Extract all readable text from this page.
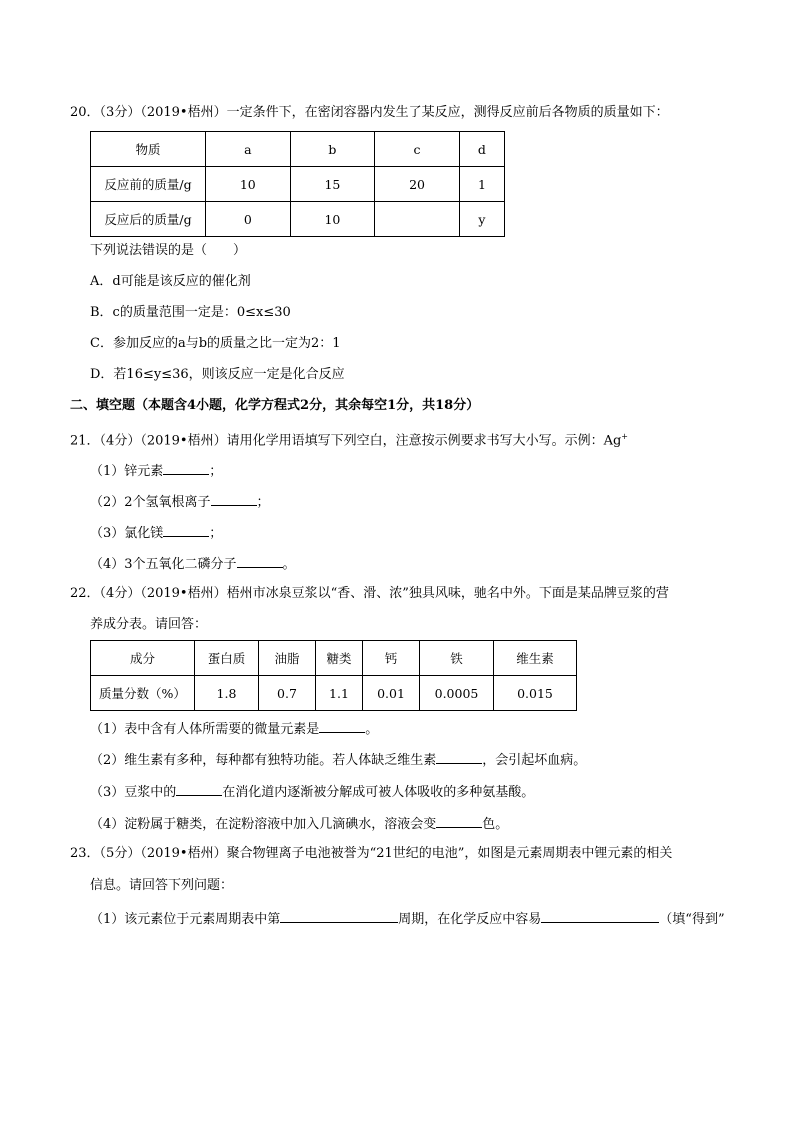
20．（3分）（2019•梧州）一定条件下，在密闭容器内发生了某反应，测得反应前后各物质的质量如下：
物质	a	b	c	d
反应前的质量/g	10	15	20	1
反应后的质量/g	0	10		y
下列说法错误的是（　　）
A．d可能是该反应的催化剂
B．c的质量范围一定是：0≤x≤30
C．参加反应的a与b的质量之比一定为2：1
D．若16≤y≤36，则该反应一定是化合反应
二、填空题（本题含4小题，化学方程式2分，其余每空1分，共18分）
21．（4分）（2019•梧州）请用化学用语填写下列空白，注意按示例要求书写大小写。示例：Ag+
（1）锌元素	；
（2）2个氢氧根离子	；
（3）氯化镁	；
（4）3个五氧化二磷分子	。
22．（4分）（2019•梧州）梧州市冰泉豆浆以“香、滑、浓”独具风味，驰名中外。下面是某品牌豆浆的营
养成分表。请回答：
成分	蛋白质	油脂	糖类	钙	铁	维生素
质量分数（%）	1.8	0.7	1.1	0.01	0.0005	0.015
（1）表中含有人体所需要的微量元素是	。
（2）维生素有多种，每种都有独特功能。若人体缺乏维生素	，会引起坏血病。
（3）豆浆中的	在消化道内逐渐被分解成可被人体吸收的多种氨基酸。
（4）淀粉属于糖类，在淀粉溶液中加入几滴碘水，溶液会变	色。
23．（5分）（2019•梧州）聚合物锂离子电池被誉为“21世纪的电池”，如图是元素周期表中锂元素的相关
信息。请回答下列问题：
（1）该元素位于元素周期表中第	周期，在化学反应中容易	（填“得到”
